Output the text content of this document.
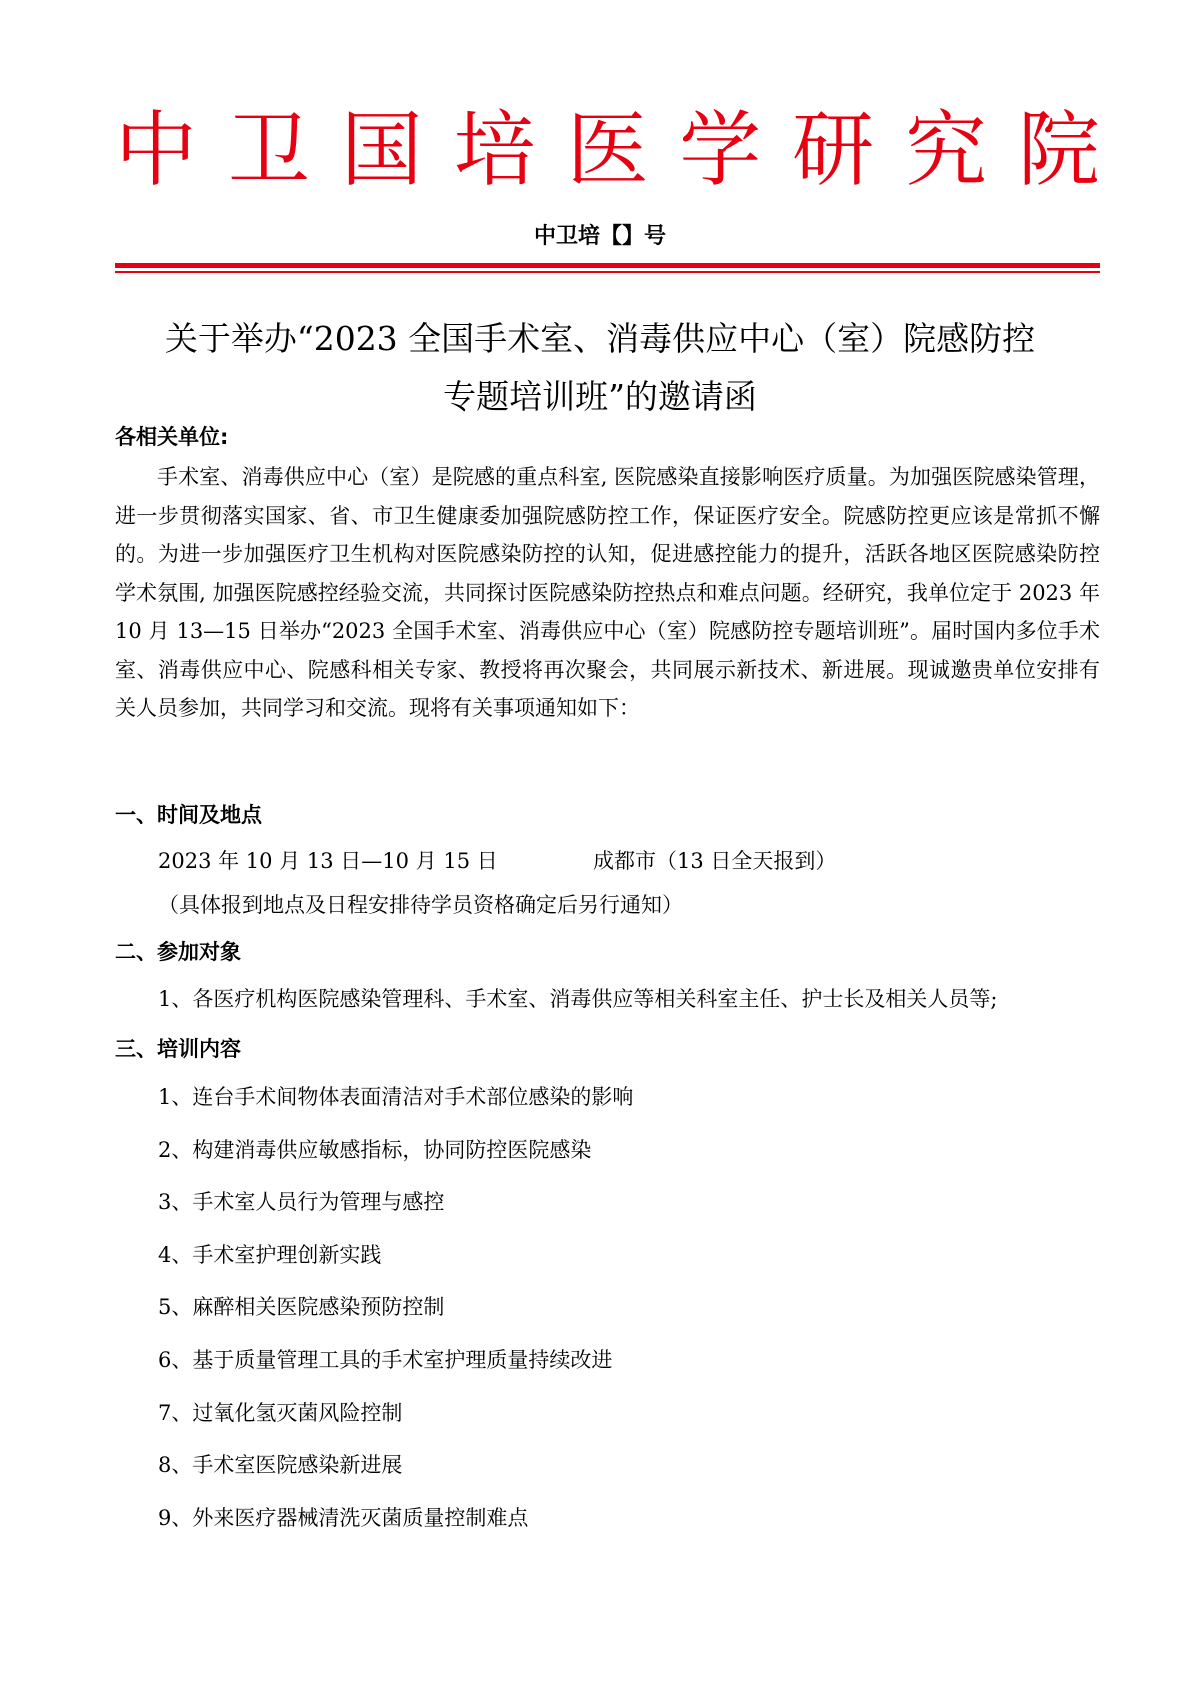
中 卫 国 培 医 学 研 究 院
中卫培【】号
关于举办“2023 全国手术室、消毒供应中心（室）院感防控
专题培训班”的邀请函
各相关单位:

手术室、消毒供应中心（室）是院感的重点科室, 医院感染直接影响医疗质量。为加强医院感染管理，进一步贯彻落实国家、省、市卫生健康委加强院感防控工作，保证医疗安全。院感防控更应该是常抓不懈的。为进一步加强医疗卫生机构对医院感染防控的认知，促进感控能力的提升，活跃各地区医院感染防控学术氛围, 加强医院感控经验交流，共同探讨医院感染防控热点和难点问题。经研究，我单位定于 2023 年 10 月 13—15 日举办“2023 全国手术室、消毒供应中心（室）院感防控专题培训班”。届时国内多位手术室、消毒供应中心、院感科相关专家、教授将再次聚会，共同展示新技术、新进展。现诚邀贵单位安排有关人员参加，共同学习和交流。现将有关事项通知如下：

一、时间及地点
2023 年 10 月 13 日—10 月 15 日	成都市（13 日全天报到）
（具体报到地点及日程安排待学员资格确定后另行通知）
二、参加对象
1、各医疗机构医院感染管理科、手术室、消毒供应等相关科室主任、护士长及相关人员等;
三、培训内容
1、连台手术间物体表面清洁对手术部位感染的影响
2、构建消毒供应敏感指标，协同防控医院感染
3、手术室人员行为管理与感控
4、手术室护理创新实践
5、麻醉相关医院感染预防控制
6、基于质量管理工具的手术室护理质量持续改进
7、过氧化氢灭菌风险控制
8、手术室医院感染新进展
9、外来医疗器械清洗灭菌质量控制难点
